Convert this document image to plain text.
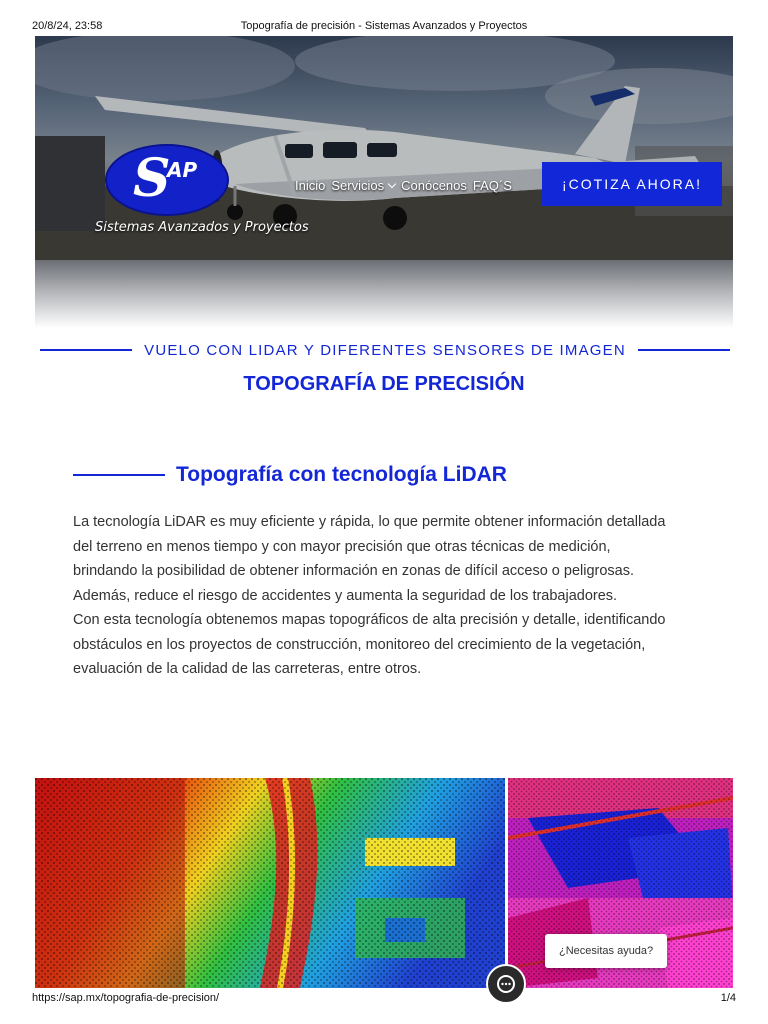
20/8/24, 23:58	Topografía de precisión - Sistemas Avanzados y Proyectos
S
AP
Sistemas Avanzados y Proyectos
Inicio Servicios Conócenos FAQ´S	¡COTIZA AHORA!
VUELO CON LIDAR Y DIFERENTES SENSORES DE IMAGEN
TOPOGRAFÍA DE PRECISIÓN
Topografía con tecnología LiDAR

La tecnología LiDAR es muy eficiente y rápida, lo que permite obtener información detallada del terreno en menos tiempo y con mayor precisión que otras técnicas de medición, brindando la posibilidad de obtener información en zonas de difícil acceso o peligrosas. Además, reduce el riesgo de accidentes y aumenta la seguridad de los trabajadores.

Con esta tecnología obtenemos mapas topográficos de alta precisión y detalle, identificando obstáculos en los proyectos de construcción, monitoreo del crecimiento de la vegetación, evaluación de la calidad de las carreteras, entre otros.

¿Necesitas ayuda?
https://sap.mx/topografia-de-precision/	1/4
